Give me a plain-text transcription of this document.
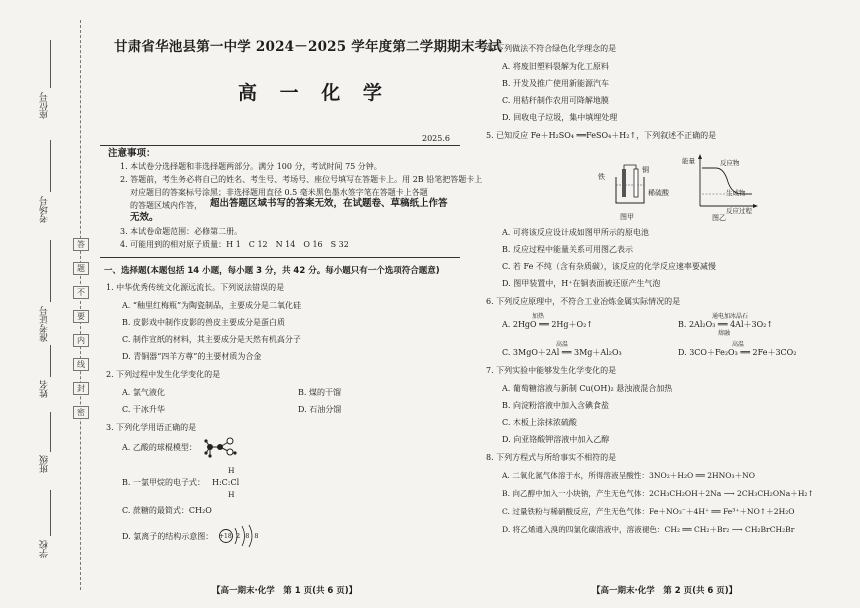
座位号
考场号
准考证号
姓名
班级
学校
答
题
不
要
内
线
封
密
甘肃省华池县第一中学 2024－2025 学年度第二学期期末考试
高 一 化 学
2025.6
注意事项：
1. 本试卷分选择题和非选择题两部分。满分 100 分，考试时间 75 分钟。
2. 答题前，考生务必将自己的姓名、考生号、考场号、座位号填写在答题卡上。用 2B 铅笔把答题卡上
对应题目的答案标号涂黑；非选择题用直径 0.5 毫米黑色墨水签字笔在答题卡上各题
的答题区域内作答， 超出答题区域书写的答案无效，在试题卷、草稿纸上作答
无效。
3. 本试卷命题范围：必修第二册。
4. 可能用到的相对原子质量：H 1　C 12　N 14　O 16　S 32
一、选择题(本题包括 14 小题，每小题 3 分，共 42 分。每小题只有一个选项符合题意)
1. 中华优秀传统文化源远流长。下列说法错误的是
A. “釉里红梅瓶”为陶瓷制品，主要成分是二氧化硅
B. 皮影戏中制作皮影的兽皮主要成分是蛋白质
C. 制作宣纸的材料，其主要成分是天然有机高分子
D. 青铜器“四羊方尊”的主要材质为合金
2. 下列过程中发生化学变化的是
A. 氯气液化	B. 煤的干馏
C. 干冰升华	D. 石油分馏
3. 下列化学用语正确的是
A. 乙酸的球棍模型：
B. 一氯甲烷的电子式：
H
H:C:Cl
H
C. 蔗糖的最简式：CH₂O
D. 氯离子的结构示意图： +18 2 8 8
【高一期末·化学　第 1 页(共 6 页)】
4. 下列做法不符合绿色化学理念的是
A. 将废旧塑料裂解为化工原料
B. 开发及推广使用新能源汽车
C. 用秸秆制作农用可降解地膜
D. 回收电子垃圾，集中填埋处理
5. 已知反应 Fe＋H₂SO₄ ══FeSO₄＋H₂↑，下列叙述不正确的是
铁
铜
稀硫酸
图甲
能量	反应物
生成物
反应过程
图乙
A. 可将该反应设计成如图甲所示的原电池
B. 反应过程中能量关系可用图乙表示
C. 若 Fe 不纯（含有杂质碳），该反应的化学反应速率要减慢
D. 图甲装置中，H⁺在铜表面被还原产生气泡
6. 下列反应原理中，不符合工业冶炼金属实际情况的是
加热
A. 2HgO ══ 2Hg＋O₂↑
通电加冰晶石
B. 2Al₂O₃ ══ 4Al＋3O₂↑
熔融
高温
C. 3MgO＋2Al ══ 3Mg＋Al₂O₃
高温
D. 3CO＋Fe₂O₃ ══ 2Fe＋3CO₂
7. 下列实验中能够发生化学变化的是
A. 葡萄糖溶液与新制 Cu(OH)₂ 悬浊液混合加热
B. 向淀粉溶液中加入含碘食盐
C. 木板上涂抹浓硫酸
D. 向亚铬酸钾溶液中加入乙醇
8. 下列方程式与所给事实不相符的是
A. 二氧化氮气体溶于水，所得溶液呈酸性：3NO₂＋H₂O ══ 2HNO₃＋NO
B. 向乙醇中加入一小块钠，产生无色气体：2CH₃CH₂OH＋2Na ⟶ 2CH₃CH₂ONa＋H₂↑
C. 过量铁粉与稀硝酸反应，产生无色气体：Fe＋NO₃⁻＋4H⁺ ══ Fe³⁺＋NO↑＋2H₂O
D. 将乙烯通入溴的四氯化碳溶液中，溶液褪色：CH₂ ══ CH₂＋Br₂ ⟶ CH₂BrCH₂Br
【高一期末·化学　第 2 页(共 6 页)】
